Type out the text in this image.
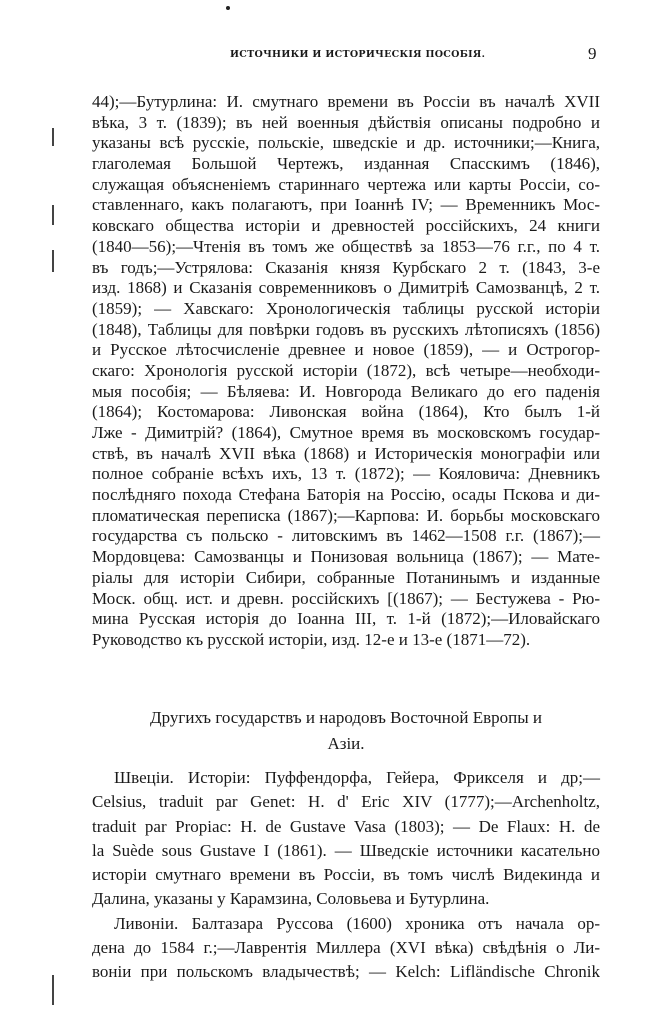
ИСТОЧНИКИ И ИСТОРИЧЕСКІЯ ПОСОБІЯ.	9
44);—Бутурлина: И. смутнаго времени въ Россіи въ началѣ XVII
вѣка, 3 т. (1839); въ ней военныя дѣйствія описаны подробно и
указаны всѣ русскіе, польскіе, шведскіе и др. источники;—Книга,
глаголемая Большой Чертежъ, изданная Спасскимъ (1846),
служащая объясненіемъ стариннаго чертежа или карты Россіи, со-
ставленнаго, какъ полагаютъ, при Іоаннѣ IV; — Временникъ Мос-
ковскаго общества исторіи и древностей россійскихъ, 24 книги
(1840—56);—Чтенія въ томъ же обществѣ за 1853—76 г.г., по 4 т.
въ годъ;—Устрялова: Сказанія князя Курбскаго 2 т. (1843, 3-е
изд. 1868) и Сказанія современниковъ о Димитріѣ Самозванцѣ, 2 т.
(1859); — Хавскаго: Хронологическія таблицы русской исторіи
(1848), Таблицы для повѣрки годовъ въ русскихъ лѣтописяхъ (1856)
и Русское лѣтосчисленіе древнее и новое (1859), — и Острогор-
скаго: Хронологія русской исторіи (1872), всѣ четыре—необходи-
мыя пособія; — Бѣляева: И. Новгорода Великаго до его паденія
(1864); Костомарова: Ливонская война (1864), Кто былъ 1-й
Лже - Димитрій? (1864), Смутное время въ московскомъ государ-
ствѣ, въ началѣ XVII вѣка (1868) и Историческія монографіи или
полное собраніе всѣхъ ихъ, 13 т. (1872); — Кояловича: Дневникъ
послѣдняго похода Стефана Баторія на Россію, осады Пскова и ди-
пломатическая переписка (1867);—Карпова: И. борьбы московскаго
государства съ польско - литовскимъ въ 1462—1508 г.г. (1867);—
Мордовцева: Самозванцы и Понизовая вольница (1867); — Мате-
ріалы для исторіи Сибири, собранные Потанинымъ и изданные
Моск. общ. ист. и древн. россійскихъ [(1867); — Бестужева - Рю-
мина Русская исторія до Іоанна III, т. 1-й (1872);—Иловайскаго
Руководство къ русской исторіи, изд. 12-е и 13-е (1871—72).
Другихъ государствъ и народовъ Восточной Европы и
Азіи.
Швеціи. Исторіи: Пуффендорфа, Гейера, Фрикселя и др;—
Celsius, traduit par Genet: H. d' Eric XIV (1777);—Archenholtz,
traduit par Propiac: H. de Gustave Vasa (1803); — De Flaux: H. de
la Suède sous Gustave I (1861). — Шведскіе источники касательно
исторіи смутнаго времени въ Россіи, въ томъ числѣ Видекинда и
Далина, указаны у Карамзина, Соловьева и Бутурлина.
Ливоніи. Балтазара Руссова (1600) хроника отъ начала ор-
дена до 1584 г.;—Лаврентія Миллера (XVI вѣка) свѣдѣнія о Ли-
воніи при польскомъ владычествѣ; — Kelch: Lifländische Chronik
